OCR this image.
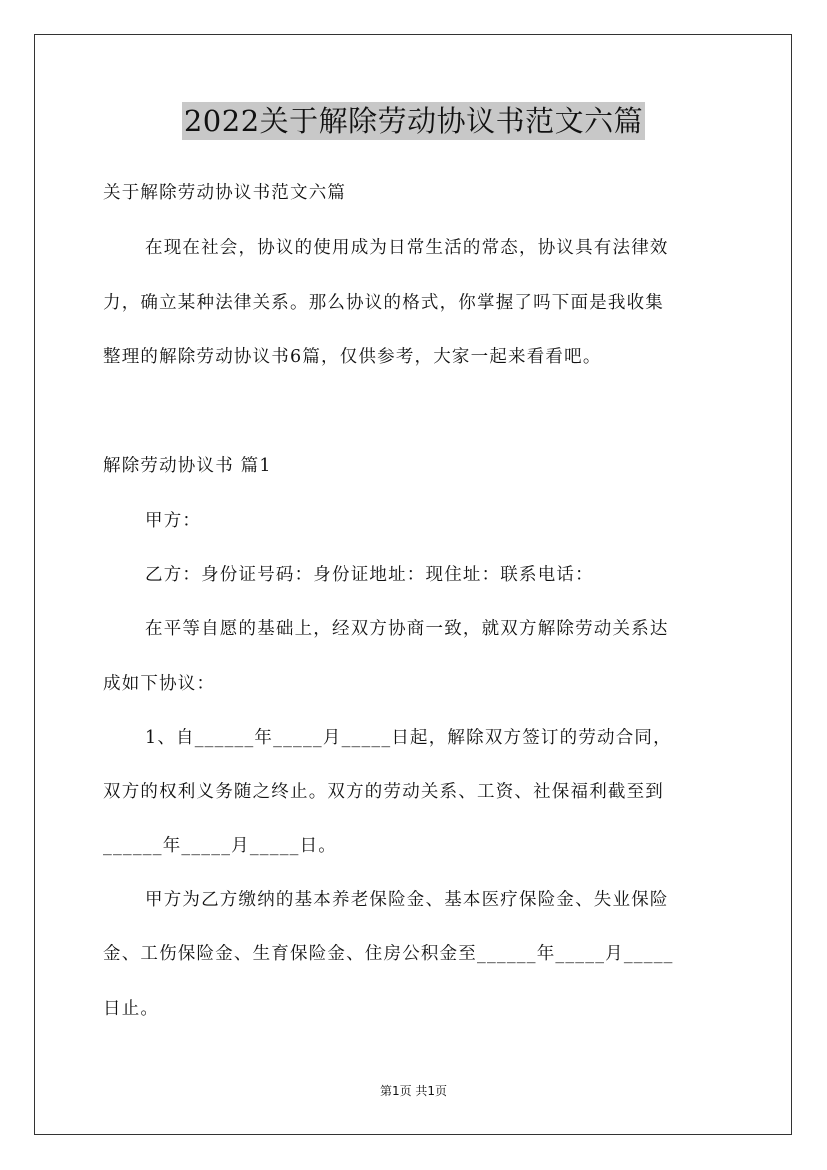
2022关于解除劳动协议书范文六篇
关于解除劳动协议书范文六篇
在现在社会，协议的使用成为日常生活的常态，协议具有法律效
力，确立某种法律关系。那么协议的格式，你掌握了吗下面是我收集
整理的解除劳动协议书6篇，仅供参考，大家一起来看看吧。
解除劳动协议书 篇1
甲方：
乙方：身份证号码：身份证地址：现住址：联系电话：
在平等自愿的基础上，经双方协商一致，就双方解除劳动关系达
成如下协议：
1、自______年_____月_____日起，解除双方签订的劳动合同，
双方的权利义务随之终止。双方的劳动关系、工资、社保福利截至到
______年_____月_____日。
甲方为乙方缴纳的基本养老保险金、基本医疗保险金、失业保险
金、工伤保险金、生育保险金、住房公积金至______年_____月_____
日止。
第1页 共1页
